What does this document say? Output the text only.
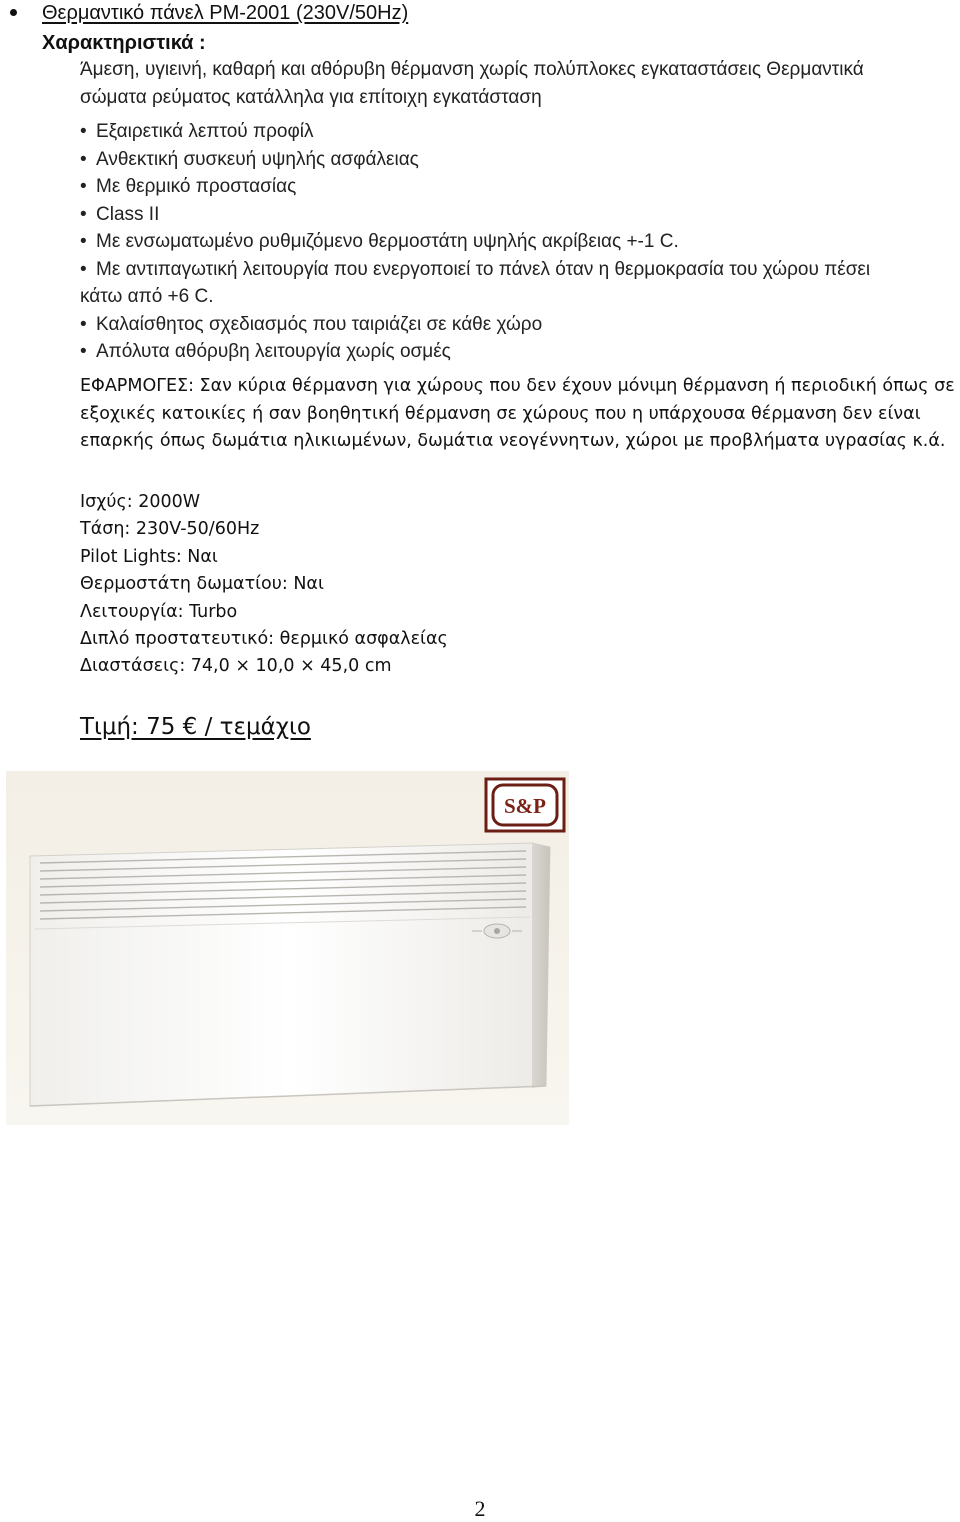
Θερμαντικό πάνελ PM-2001 (230V/50Hz)
Χαρακτηριστικά :
Άμεση, υγιεινή, καθαρή και αθόρυβη θέρμανση χωρίς πολύπλοκες εγκαταστάσεις Θερμαντικά
σώματα ρεύματος κατάλληλα για επίτοιχη εγκατάσταση
• Εξαιρετικά λεπτού προφίλ
• Ανθεκτική συσκευή υψηλής ασφάλειας
• Με θερμικό προστασίας
• Class II
• Με ενσωματωμένο ρυθμιζόμενο θερμοστάτη υψηλής ακρίβειας +-1 C.
• Με αντιπαγωτική λειτουργία που ενεργοποιεί το πάνελ όταν η θερμοκρασία του χώρου πέσει
κάτω από +6 C.
• Καλαίσθητος σχεδιασμός που ταιριάζει σε κάθε χώρο
• Απόλυτα αθόρυβη λειτουργία χωρίς οσμές
ΕΦΑΡΜΟΓΕΣ: Σαν κύρια θέρμανση για χώρους που δεν έχουν μόνιμη θέρμανση ή περιοδική όπως σε εξοχικές κατοικίες ή σαν βοηθητική θέρμανση σε χώρους που η υπάρχουσα θέρμανση δεν είναι επαρκής όπως δωμάτια ηλικιωμένων, δωμάτια νεογέννητων, χώροι με προβλήματα υγρασίας κ.ά.
Ισχύς: 2000W
Τάση: 230V-50/60Hz
Pilot Lights: Ναι
Θερμοστάτη δωματίου: Ναι
Λειτουργία: Turbo
Διπλό προστατευτικό: θερμικό ασφαλείας
Διαστάσεις: 74,0 × 10,0 × 45,0 cm
Τιμή: 75 € / τεμάχιο
S&P
2
